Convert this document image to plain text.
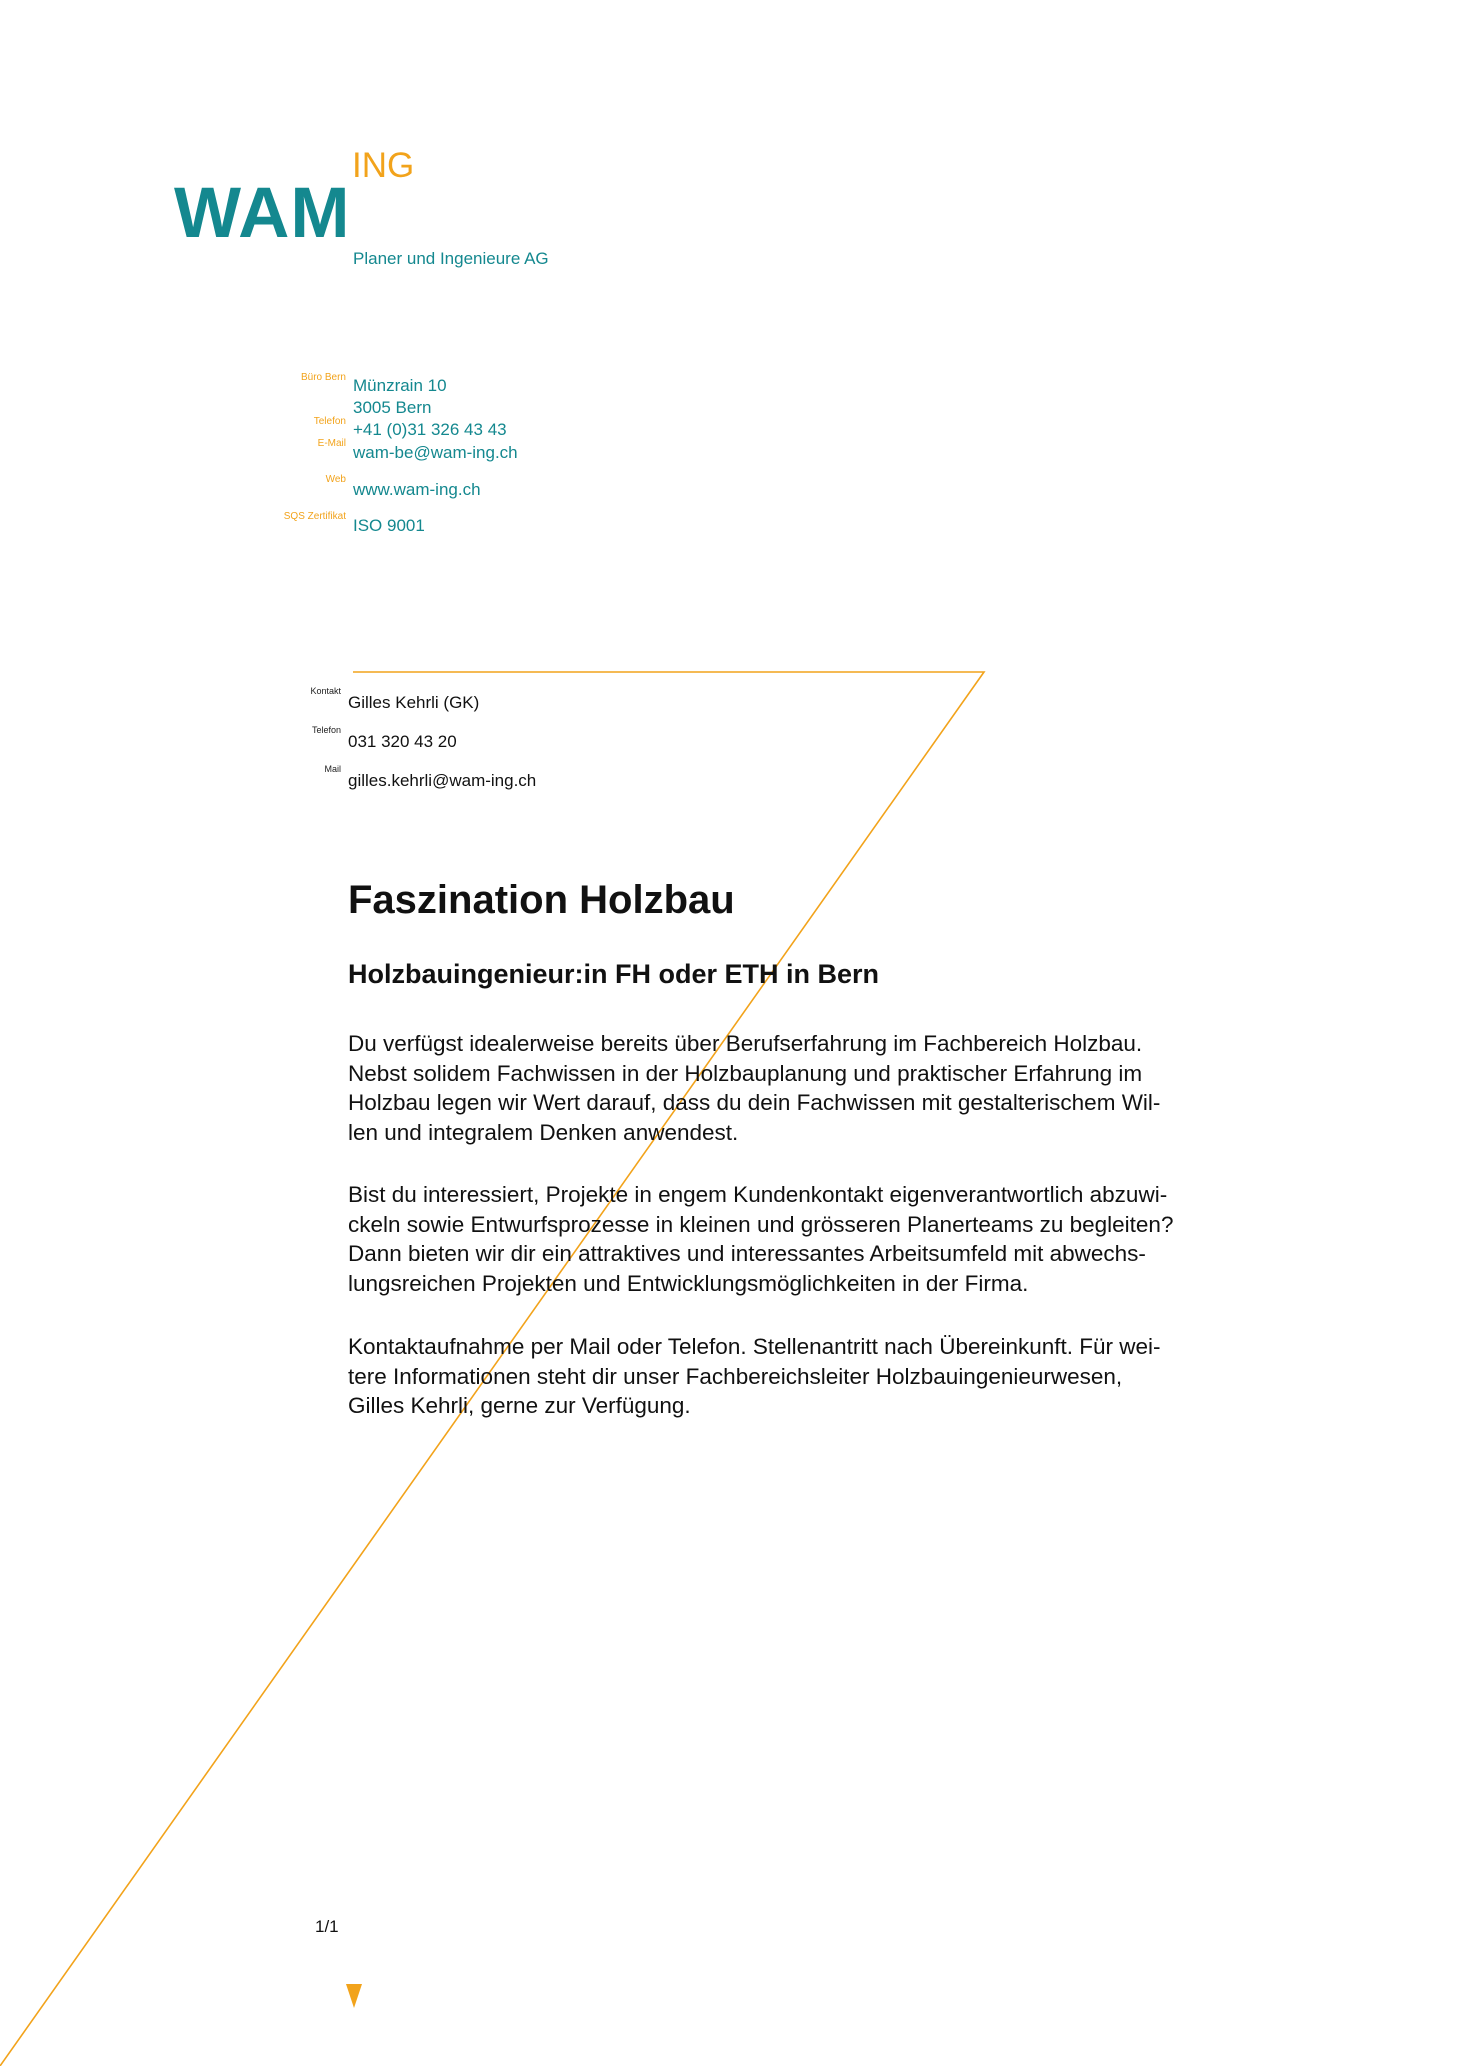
WAM
ING
Planer und Ingenieure AG
Büro Bern Münzrain 10
3005 Bern
Telefon +41 (0)31 326 43 43
E-Mail wam-be@wam-ing.ch
Web
www.wam-ing.ch
SQS Zertifikat ISO 9001
Kontakt
Gilles Kehrli (GK)
Telefon
031 320 43 20
Mail
gilles.kehrli@wam-ing.ch
Faszination Holzbau
Holzbauingenieur:in FH oder ETH in Bern

Du verfügst idealerweise bereits über Berufserfahrung im Fachbereich Holzbau.
Nebst solidem Fachwissen in der Holzbauplanung und praktischer Erfahrung im
Holzbau legen wir Wert darauf, dass du dein Fachwissen mit gestalterischem Wil-
len und integralem Denken anwendest.

Bist du interessiert, Projekte in engem Kundenkontakt eigenverantwortlich abzuwi-
ckeln sowie Entwurfsprozesse in kleinen und grösseren Planerteams zu begleiten?
Dann bieten wir dir ein attraktives und interessantes Arbeitsumfeld mit abwechs-
lungsreichen Projekten und Entwicklungsmöglichkeiten in der Firma.

Kontaktaufnahme per Mail oder Telefon. Stellenantritt nach Übereinkunft. Für wei-
tere Informationen steht dir unser Fachbereichsleiter Holzbauingenieurwesen,
Gilles Kehrli, gerne zur Verfügung.

1/1
